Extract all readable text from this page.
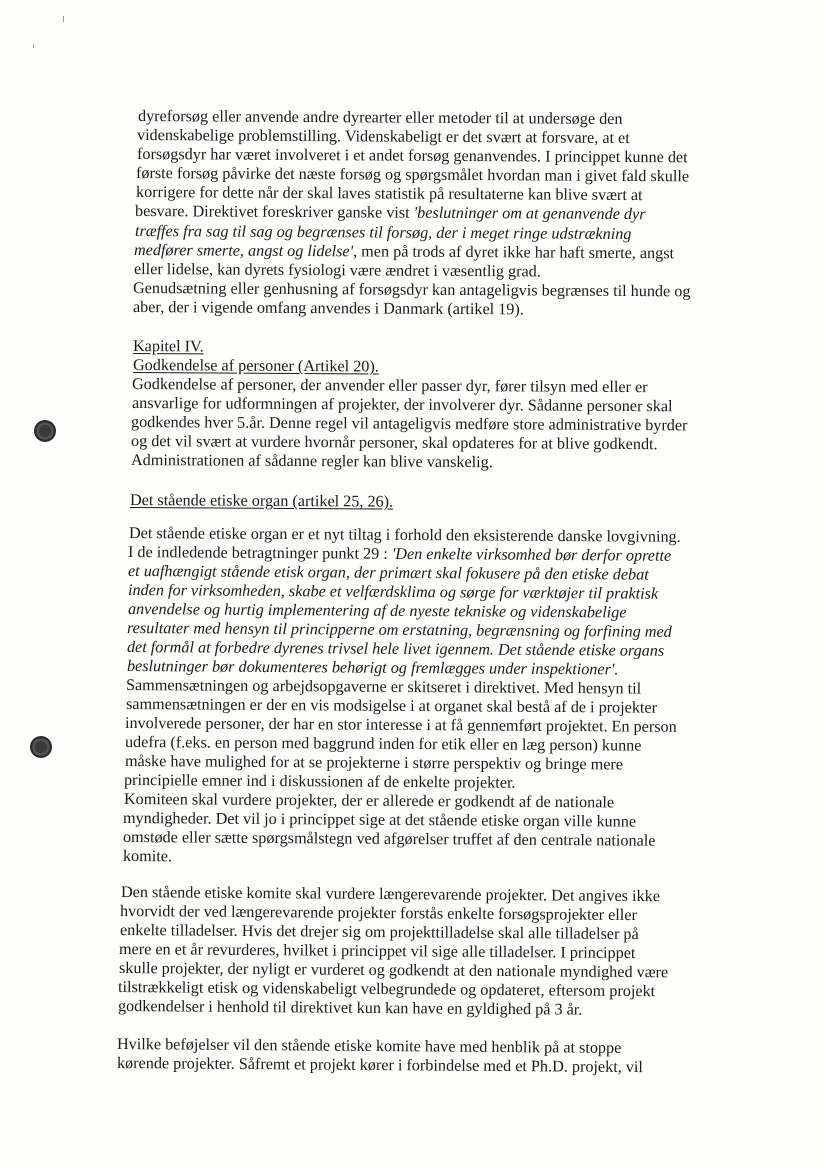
dyreforsøg eller anvende andre dyrearter eller metoder til at undersøge den
videnskabelige problemstilling. Videnskabeligt er det svært at forsvare, at et
forsøgsdyr har været involveret i et andet forsøg genanvendes. I princippet kunne det
første forsøg påvirke det næste forsøg og spørgsmålet hvordan man i givet fald skulle
korrigere for dette når der skal laves statistik på resultaterne kan blive svært at
besvare. Direktivet foreskriver ganske vist 'beslutninger om at genanvende dyr
træffes fra sag til sag og begrænses til forsøg, der i meget ringe udstrækning
medfører smerte, angst og lidelse', men på trods af dyret ikke har haft smerte, angst
eller lidelse, kan dyrets fysiologi være ændret i væsentlig grad.
Genudsætning eller genhusning af forsøgsdyr kan antageligvis begrænses til hunde og
aber, der i vigende omfang anvendes i Danmark (artikel 19).
Kapitel IV.
Godkendelse af personer (Artikel 20).
Godkendelse af personer, der anvender eller passer dyr, fører tilsyn med eller er
ansvarlige for udformningen af projekter, der involverer dyr. Sådanne personer skal
godkendes hver 5.år. Denne regel vil antageligvis medføre store administrative byrder
og det vil svært at vurdere hvornår personer, skal opdateres for at blive godkendt.
Administrationen af sådanne regler kan blive vanskelig.
Det stående etiske organ (artikel 25, 26).
Det stående etiske organ er et nyt tiltag i forhold den eksisterende danske lovgivning.
I de indledende betragtninger punkt 29 : 'Den enkelte virksomhed bør derfor oprette
et uafhængigt stående etisk organ, der primært skal fokusere på den etiske debat
inden for virksomheden, skabe et velfærdsklima og sørge for værktøjer til praktisk
anvendelse og hurtig implementering af de nyeste tekniske og videnskabelige
resultater med hensyn til principperne om erstatning, begrænsning og forfining med
det formål at forbedre dyrenes trivsel hele livet igennem. Det stående etiske organs
beslutninger bør dokumenteres behørigt og fremlægges under inspektioner'.
Sammensætningen og arbejdsopgaverne er skitseret i direktivet. Med hensyn til
sammensætningen er der en vis modsigelse i at organet skal bestå af de i projekter
involverede personer, der har en stor interesse i at få gennemført projektet. En person
udefra (f.eks. en person med baggrund inden for etik eller en læg person) kunne
måske have mulighed for at se projekterne i større perspektiv og bringe mere
principielle emner ind i diskussionen af de enkelte projekter.
Komiteen skal vurdere projekter, der er allerede er godkendt af de nationale
myndigheder. Det vil jo i princippet sige at det stående etiske organ ville kunne
omstøde eller sætte spørgsmålstegn ved afgørelser truffet af den centrale nationale
komite.
Den stående etiske komite skal vurdere længerevarende projekter. Det angives ikke
hvorvidt der ved længerevarende projekter forstås enkelte forsøgsprojekter eller
enkelte tilladelser. Hvis det drejer sig om projekttilladelse skal alle tilladelser på
mere en et år revurderes, hvilket i princippet vil sige alle tilladelser. I princippet
skulle projekter, der nyligt er vurderet og godkendt at den nationale myndighed være
tilstrækkeligt etisk og videnskabeligt velbegrundede og opdateret, eftersom projekt
godkendelser i henhold til direktivet kun kan have en gyldighed på 3 år.
Hvilke beføjelser vil den stående etiske komite have med henblik på at stoppe
kørende projekter. Såfremt et projekt kører i forbindelse med et Ph.D. projekt, vil
